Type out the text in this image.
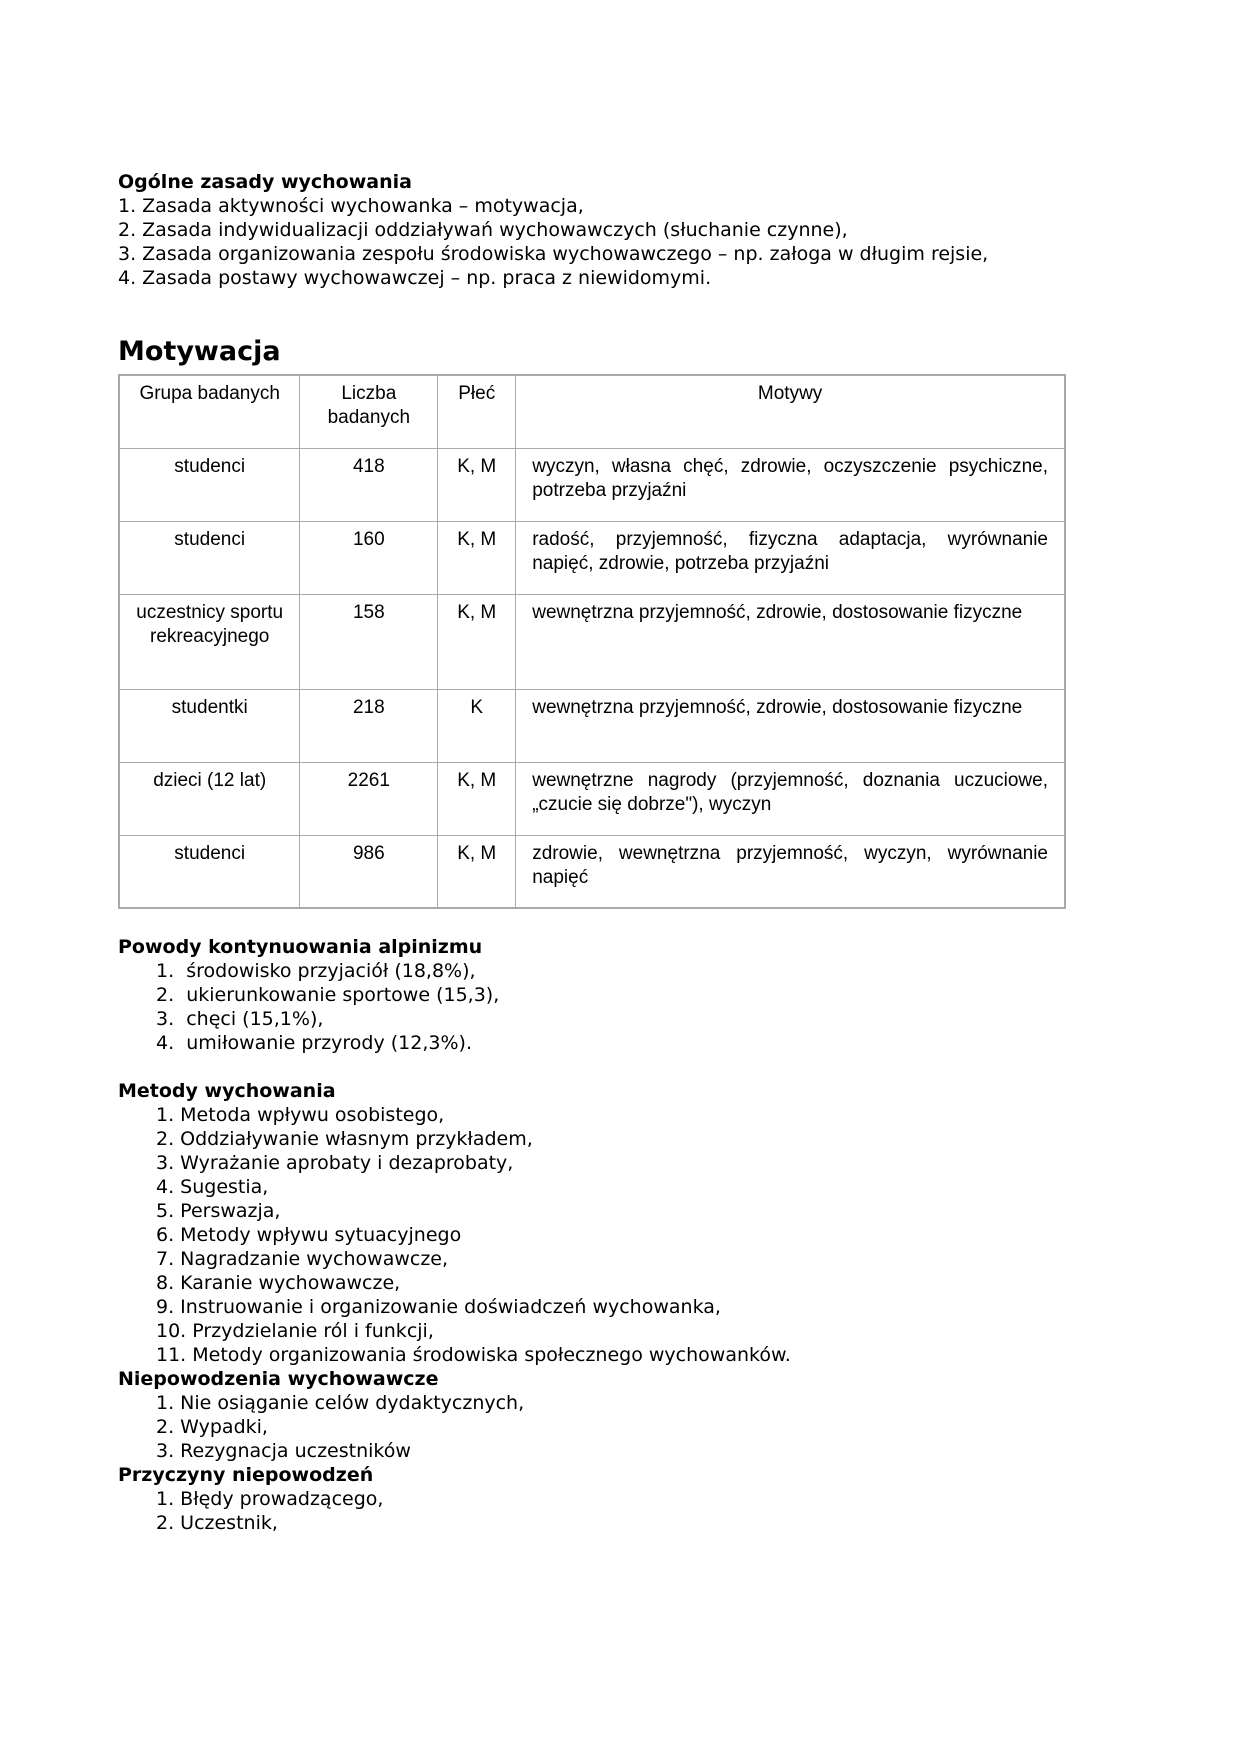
Ogólne zasady wychowania
1. Zasada aktywności wychowanka – motywacja,
2. Zasada indywidualizacji oddziaływań wychowawczych (słuchanie czynne),
3. Zasada organizowania zespołu środowiska wychowawczego – np. załoga w długim rejsie,
4. Zasada postawy wychowawczej – np. praca z niewidomymi.
Motywacja
Grupa badanych	Liczba badanych	Płeć	Motywy
studenci	418	K, M	wyczyn, własna chęć, zdrowie, oczyszczenie psychiczne, potrzeba przyjaźni
studenci	160	K, M	radość, przyjemność, fizyczna adaptacja, wyrównanie napięć, zdrowie, potrzeba przyjaźni
uczestnicy sportu rekreacyjnego	158	K, M	wewnętrzna przyjemność, zdrowie, dostosowanie fizyczne
studentki	218	K	wewnętrzna przyjemność, zdrowie, dostosowanie fizyczne
dzieci (12 lat)	2261	K, M	wewnętrzne nagrody (przyjemność, doznania uczuciowe, „czucie się dobrze"), wyczyn
studenci	986	K, M	zdrowie, wewnętrzna przyjemność, wyczyn, wyrównanie napięć
Powody kontynuowania alpinizmu
1. środowisko przyjaciół (18,8%),
2. ukierunkowanie sportowe (15,3),
3. chęci (15,1%),
4. umiłowanie przyrody (12,3%).
Metody wychowania
1. Metoda wpływu osobistego,
2. Oddziaływanie własnym przykładem,
3. Wyrażanie aprobaty i dezaprobaty,
4. Sugestia,
5. Perswazja,
6. Metody wpływu sytuacyjnego
7. Nagradzanie wychowawcze,
8. Karanie wychowawcze,
9. Instruowanie i organizowanie doświadczeń wychowanka,
10. Przydzielanie ról i funkcji,
11. Metody organizowania środowiska społecznego wychowanków.
Niepowodzenia wychowawcze
1. Nie osiąganie celów dydaktycznych,
2. Wypadki,
3. Rezygnacja uczestników
Przyczyny niepowodzeń
1. Błędy prowadzącego,
2. Uczestnik,
